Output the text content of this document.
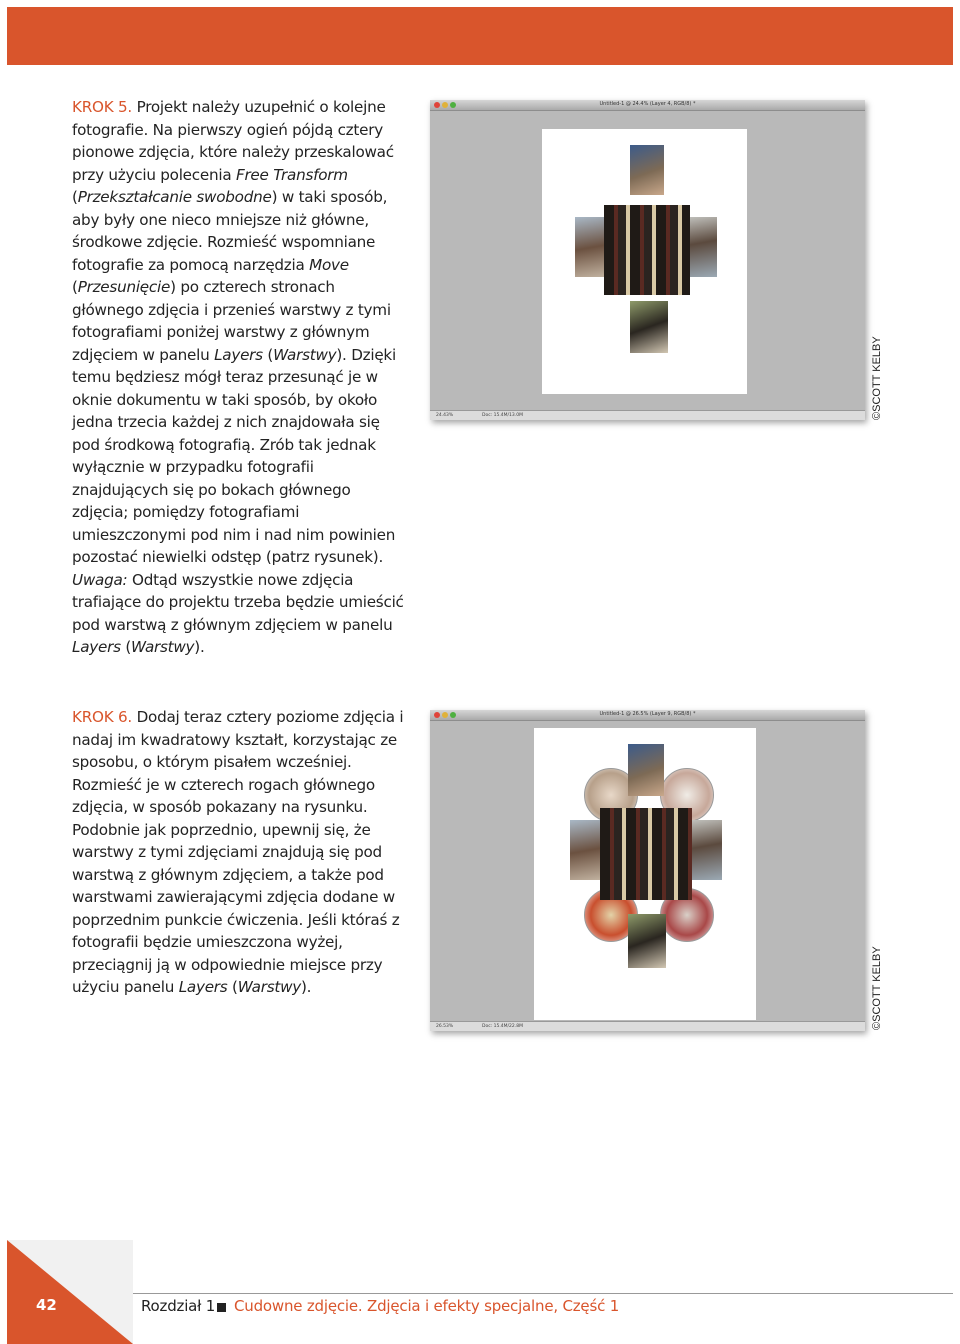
KROK 5. Projekt należy uzupełnić o kolejne fotografie. Na pierwszy ogień pójdą cztery pionowe zdjęcia, które należy przeskalować przy użyciu polecenia Free Transform (Przekształcanie swobodne) w taki sposób, aby były one nieco mniejsze niż główne, środkowe zdjęcie. Rozmieść wspomniane fotografie za pomocą narzędzia Move (Przesunięcie) po czterech stronach głównego zdjęcia i przenieś warstwy z tymi fotografiami poniżej warstwy z głównym zdjęciem w panelu Layers (Warstwy). Dzięki temu będziesz mógł teraz przesunąć je w oknie dokumentu w taki sposób, by około jedna trzecia każdej z nich znajdowała się pod środkową fotografią. Zrób tak jednak wyłącznie w przypadku fotografii znajdujących się po bokach głównego zdjęcia; pomiędzy fotografiami umieszczonymi pod nim i nad nim powinien pozostać niewielki odstęp (patrz rysunek). Uwaga: Odtąd wszystkie nowe zdjęcia trafiające do projektu trzeba będzie umieścić pod warstwą z głównym zdjęciem w panelu Layers (Warstwy).
Untitled-1 @ 24.4% (Layer 4, RGB/8) *
24.43%	Doc: 15.4M/13.0M	©SCOTT KELBY
KROK 6. Dodaj teraz cztery poziome zdjęcia i nadaj im kwadratowy kształt, korzystając ze sposobu, o którym pisałem wcześniej. Rozmieść je w czterech rogach głównego zdjęcia, w sposób pokazany na rysunku. Podobnie jak poprzednio, upewnij się, że warstwy z tymi zdjęciami znajdują się pod warstwą z głównym zdjęciem, a także pod warstwami zawierającymi zdjęcia dodane w poprzednim punkcie ćwiczenia. Jeśli któraś z fotografii będzie umieszczona wyżej, przeciągnij ją w odpowiednie miejsce przy użyciu panelu Layers (Warstwy).
Untitled-1 @ 26.5% (Layer 9, RGB/8) *
26.53%	Doc: 15.4M/22.8M	©SCOTT KELBY
42	Rozdział 1 Cudowne zdjęcie. Zdjęcia i efekty specjalne, Część 1
